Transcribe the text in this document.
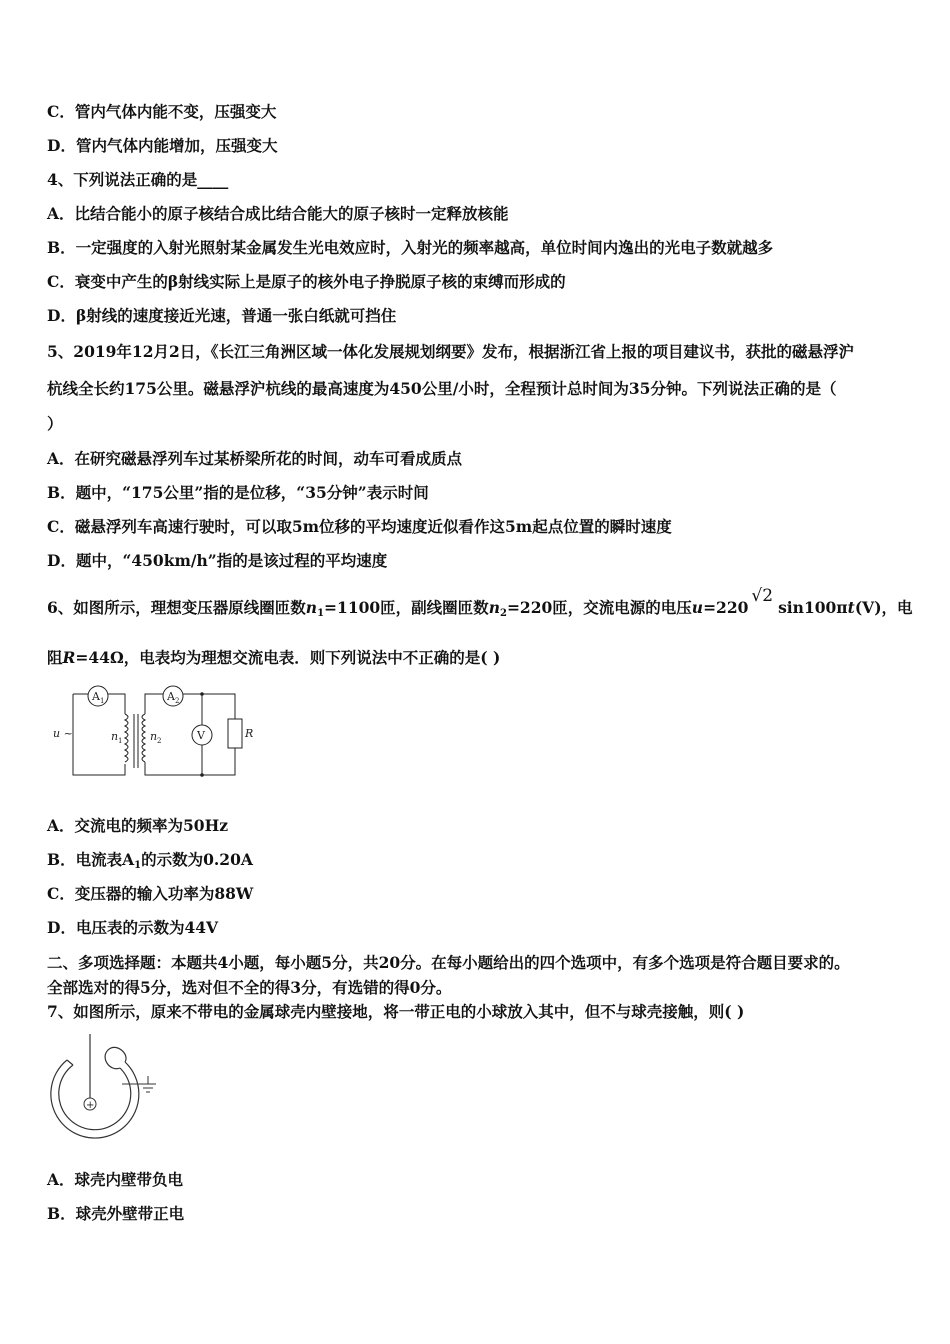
C．管内气体内能不变，压强变大
D．管内气体内能增加，压强变大
4、下列说法正确的是____
A．比结合能小的原子核结合成比结合能大的原子核时一定释放核能
B．一定强度的入射光照射某金属发生光电效应时，入射光的频率越高，单位时间内逸出的光电子数就越多
C．衰变中产生的β射线实际上是原子的核外电子挣脱原子核的束缚而形成的
D．β射线的速度接近光速，普通一张白纸就可挡住
5、2019年12月2日，《长江三角洲区域一体化发展规划纲要》发布，根据浙江省上报的项目建议书，获批的磁悬浮沪
杭线全长约175公里。磁悬浮沪杭线的最高速度为450公里/小时，全程预计总时间为35分钟。下列说法正确的是（
）
A．在研究磁悬浮列车过某桥梁所花的时间，动车可看成质点
B．题中，“175公里”指的是位移，“35分钟”表示时间
C．磁悬浮列车高速行驶时，可以取5m位移的平均速度近似看作这5m起点位置的瞬时速度
D．题中，“450km/h”指的是该过程的平均速度
6、如图所示，理想变压器原线圈匝数$n_1=1100$匝，副线圈匝数$n_2=220$匝，交流电源的电压u=220√2sin100πt(V)，电
阻R=44Ω，电表均为理想交流电表．则下列说法中不正确的是( )
u ~
A 1	A 2
V
n 1	n 2
R
A．交流电的频率为50Hz
B．电流表$A_1$的示数为0.20A
C．变压器的输入功率为88W
D．电压表的示数为44V
二、多项选择题：本题共4小题，每小题5分，共20分。在每小题给出的四个选项中，有多个选项是符合题目要求的。
全部选对的得5分，选对但不全的得3分，有选错的得0分。
7、如图所示，原来不带电的金属球壳内壁接地，将一带正电的小球放入其中，但不与球壳接触，则( )
+
A．球壳内壁带负电
B．球壳外壁带正电
